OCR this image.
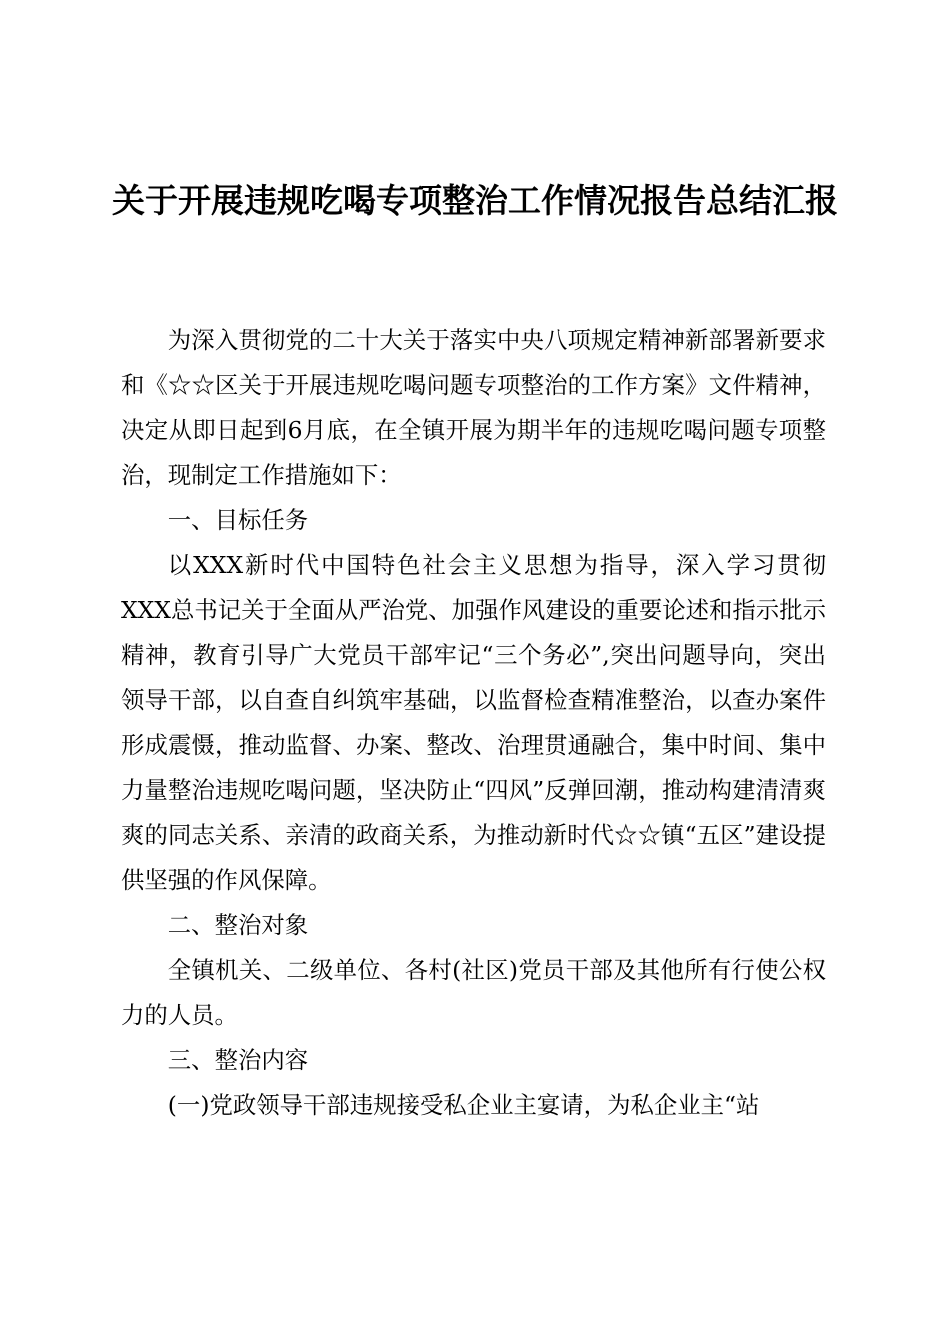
关于开展违规吃喝专项整治工作情况报告总结汇报

为深入贯彻党的二十大关于落实中央八项规定精神新部署新要求和《☆☆区关于开展违规吃喝问题专项整治的工作方案》文件精神，决定从即日起到6月底，在全镇开展为期半年的违规吃喝问题专项整治，现制定工作措施如下：

一、目标任务

以XXX新时代中国特色社会主义思想为指导，深入学习贯彻XXX总书记关于全面从严治党、加强作风建设的重要论述和指示批示精神，教育引导广大党员干部牢记“三个务必”,突出问题导向，突出领导干部，以自查自纠筑牢基础，以监督检查精准整治，以查办案件形成震慑，推动监督、办案、整改、治理贯通融合，集中时间、集中力量整治违规吃喝问题，坚决防止“四风”反弹回潮，推动构建清清爽爽的同志关系、亲清的政商关系，为推动新时代☆☆镇“五区”建设提供坚强的作风保障。

二、整治对象

全镇机关、二级单位、各村(社区)党员干部及其他所有行使公权力的人员。

三、整治内容

(一)党政领导干部违规接受私企业主宴请，为私企业主“站
